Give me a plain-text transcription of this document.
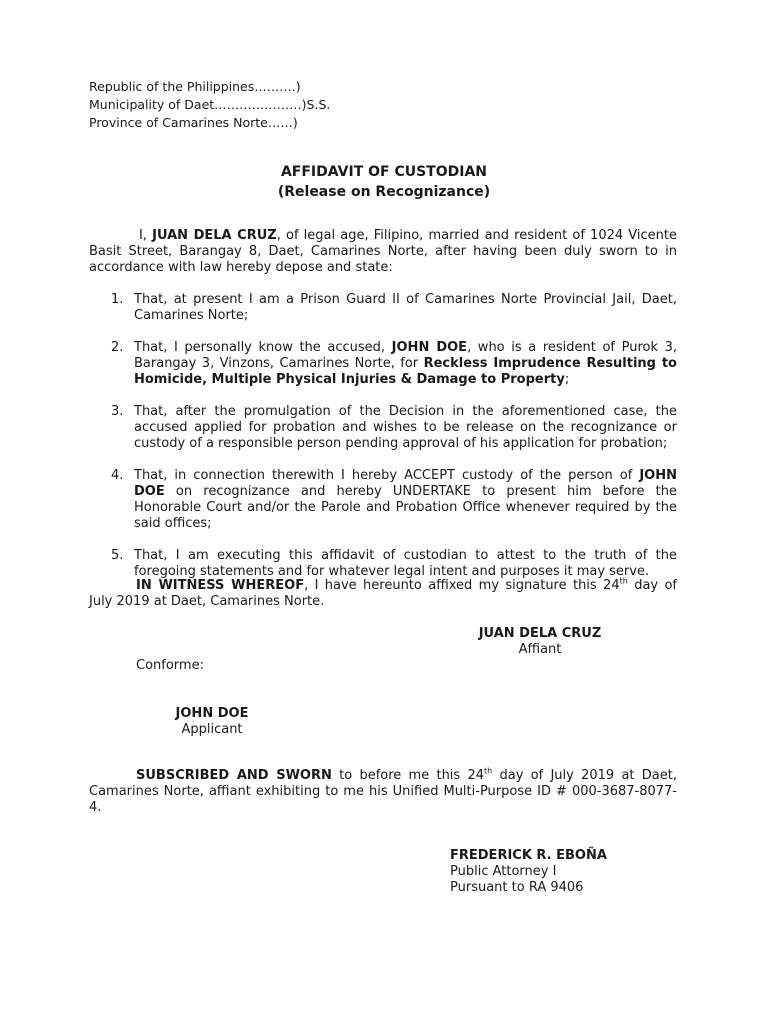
Republic of the Philippines……….)
Municipality of Daet…………………)S.S.
Province of Camarines Norte……)
AFFIDAVIT OF CUSTODIAN
(Release on Recognizance)
I, JUAN DELA CRUZ, of legal age, Filipino, married and resident of 1024 Vicente Basit Street, Barangay 8, Daet, Camarines Norte, after having been duly sworn to in accordance with law hereby depose and state:
1. That, at present I am a Prison Guard II of Camarines Norte Provincial Jail, Daet, Camarines Norte;
2. That, I personally know the accused, JOHN DOE, who is a resident of Purok 3, Barangay 3, Vinzons, Camarines Norte, for Reckless Imprudence Resulting to Homicide, Multiple Physical Injuries & Damage to Property;
3. That, after the promulgation of the Decision in the aforementioned case, the accused applied for probation and wishes to be release on the recognizance or custody of a responsible person pending approval of his application for probation;
4. That, in connection therewith I hereby ACCEPT custody of the person of JOHN DOE on recognizance and hereby UNDERTAKE to present him before the Honorable Court and/or the Parole and Probation Office whenever required by the said offices;
5. That, I am executing this affidavit of custodian to attest to the truth of the foregoing statements and for whatever legal intent and purposes it may serve.
IN WITNESS WHEREOF, I have hereunto affixed my signature this 24th day of July 2019 at Daet, Camarines Norte.
JUAN DELA CRUZ
Affiant
Conforme:
JOHN DOE
Applicant
SUBSCRIBED AND SWORN to before me this 24th day of July 2019 at Daet, Camarines Norte, affiant exhibiting to me his Unified Multi-Purpose ID # 000-3687-8077-4.
FREDERICK R. EBOÑA
Public Attorney I
Pursuant to RA 9406
